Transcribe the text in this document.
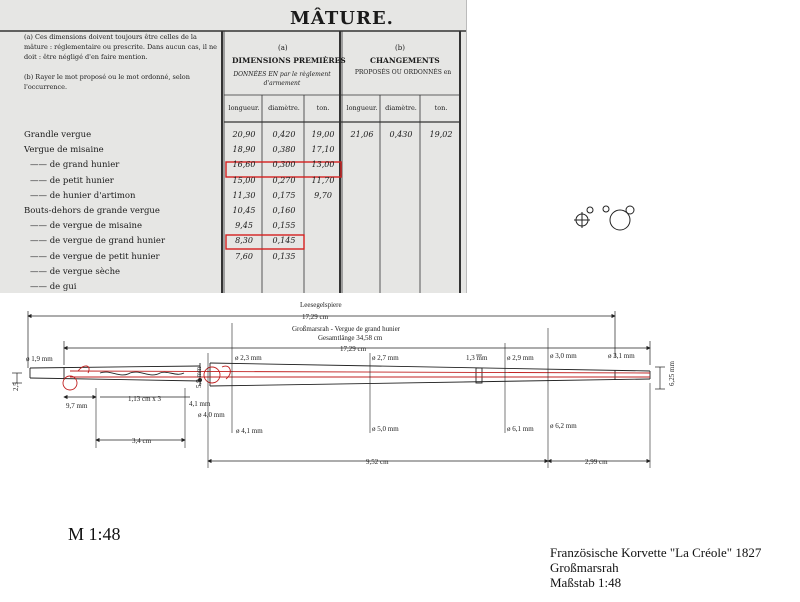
MÂTURE.
(a) Ces dimensions doivent toujours être celles de la mâture : réglementaire ou prescrite. Dans aucun cas, il ne doit : être négligé d'en faire mention.
(b) Rayer le mot proposé ou le mot ordonné, selon l'occurrence.
(a)
DIMENSIONS PREMIÈRES
DONNÉES EN par le règlement d'armement
(b)
CHANGEMENTS
PROPOSÉS OU ORDONNÉS en
longueur.	diamètre.	ton.	longueur.	diamètre.	ton.
Grandle vergue	20,90	0,420	19,00	21,06	0,430	19,02
Vergue de misaine	18,90	0,380	17,10
—— de grand hunier	16,60	0,300	13,00
—— de petit hunier	15,00	0,270	11,70
—— de hunier d'artimon	11,30	0,175	9,70
Bouts-dehors de grande vergue	10,45	0,160
—— de vergue de misaine	9,45	0,155
—— de vergue de grand hunier	8,30	0,145
—— de vergue de petit hunier	7,60	0,135
—— de vergue sèche
—— de gui
Leesegelspiere
17,29 cm
Großmarsrah - Vergue de grand hunier
Gesamtlänge 34,58 cm
17,29 cm
ø 1,9 mm	ø 2,3 mm	ø 2,7 mm	1,3 mm	ø 2,9 mm ø 3,0 mm	ø 3,1 mm
6,25 mm
2,5	5,9 mm
9,7 mm
1,13 cm x 3
4,1 mm
ø 4,0 mm
ø 4,1 mm	ø 5,0 mm	ø 6,1 mm ø 6,2 mm
3,4 cm
9,52 cm	2,99 cm
M 1:48
Französische Korvette "La Créole" 1827
Großmarsrah
Maßstab 1:48
